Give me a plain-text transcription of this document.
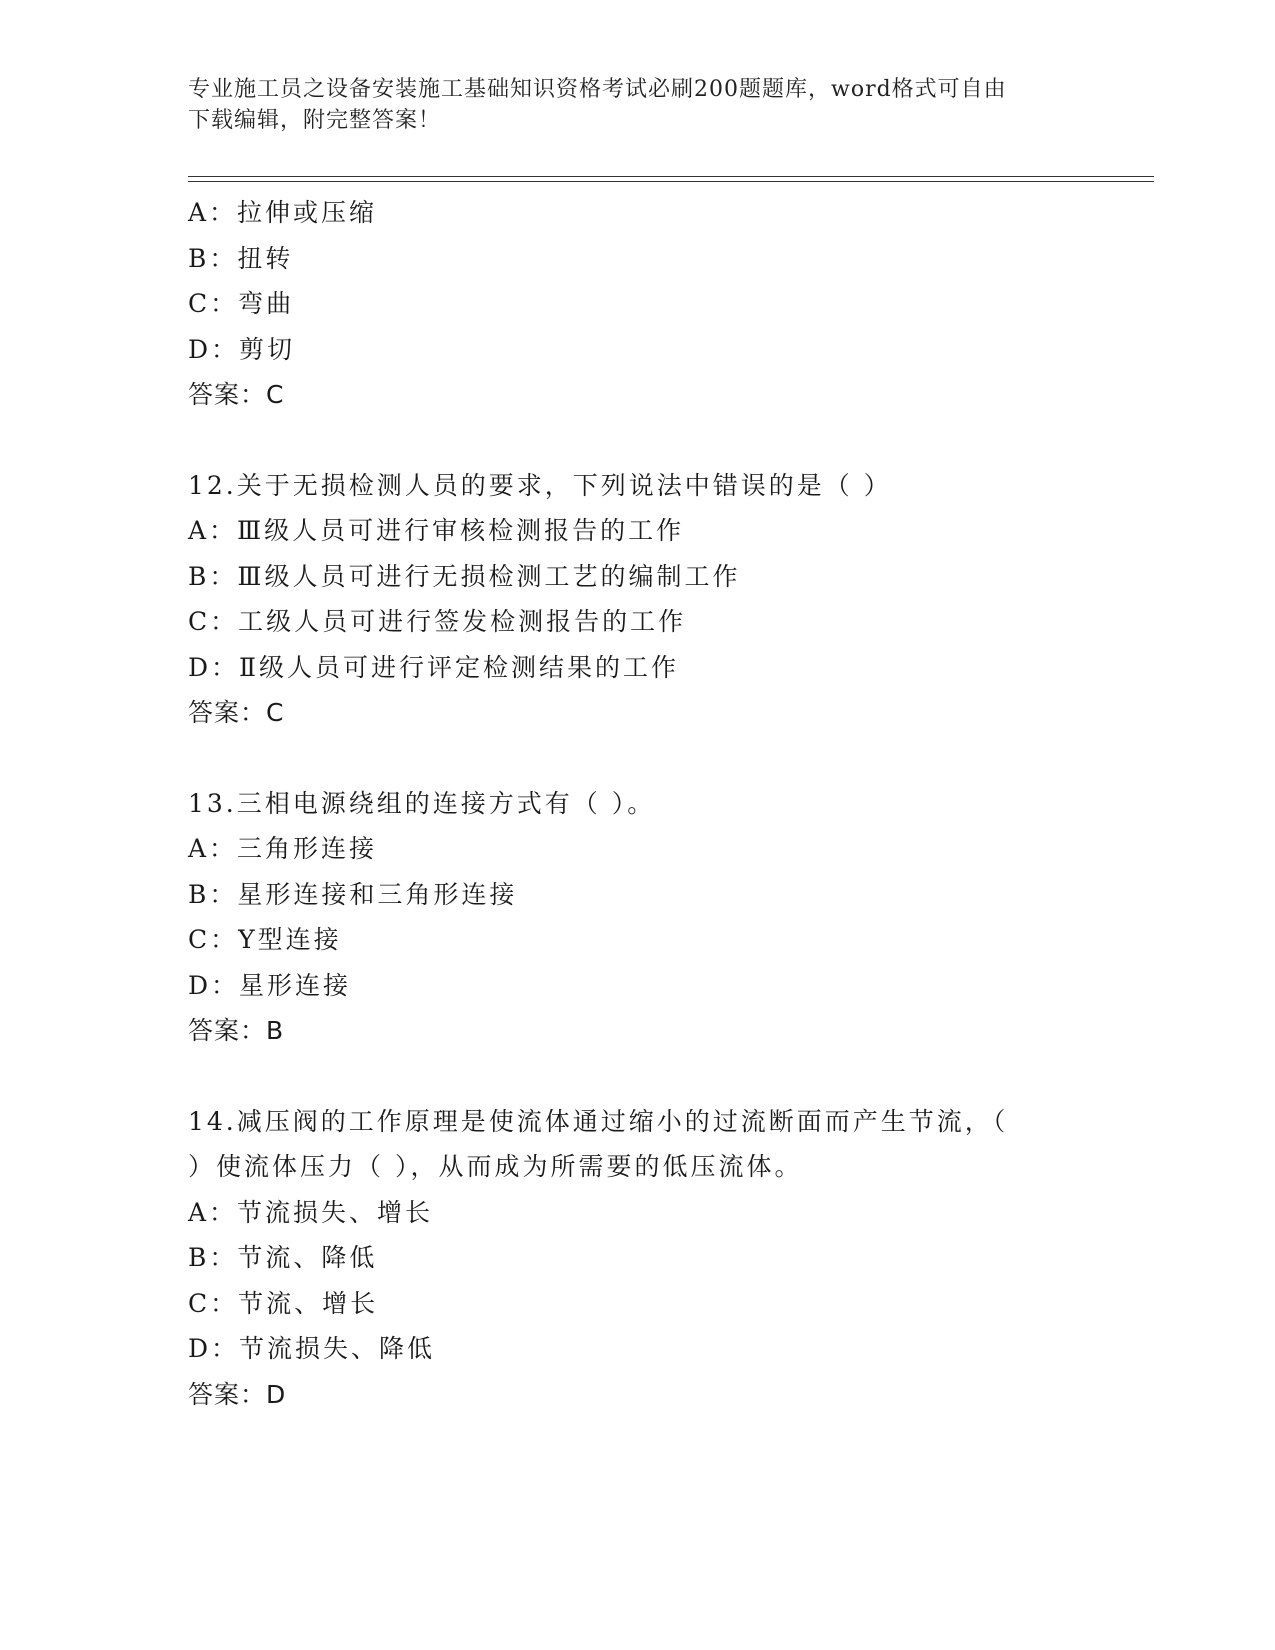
专业施工员之设备安装施工基础知识资格考试必刷200题题库，word格式可自由
下载编辑，附完整答案！
A：拉伸或压缩
B：扭转
C：弯曲
D：剪切
答案：C
12.关于无损检测人员的要求，下列说法中错误的是（ ）
A：Ⅲ级人员可进行审核检测报告的工作
B：Ⅲ级人员可进行无损检测工艺的编制工作
C：工级人员可进行签发检测报告的工作
D：Ⅱ级人员可进行评定检测结果的工作
答案：C
13.三相电源绕组的连接方式有（ ）。
A：三角形连接
B：星形连接和三角形连接
C：Y型连接
D：星形连接
答案：B
14.减压阀的工作原理是使流体通过缩小的过流断面而产生节流，（
）使流体压力（ ），从而成为所需要的低压流体。
A：节流损失、增长
B：节流、降低
C：节流、增长
D：节流损失、降低
答案：D
